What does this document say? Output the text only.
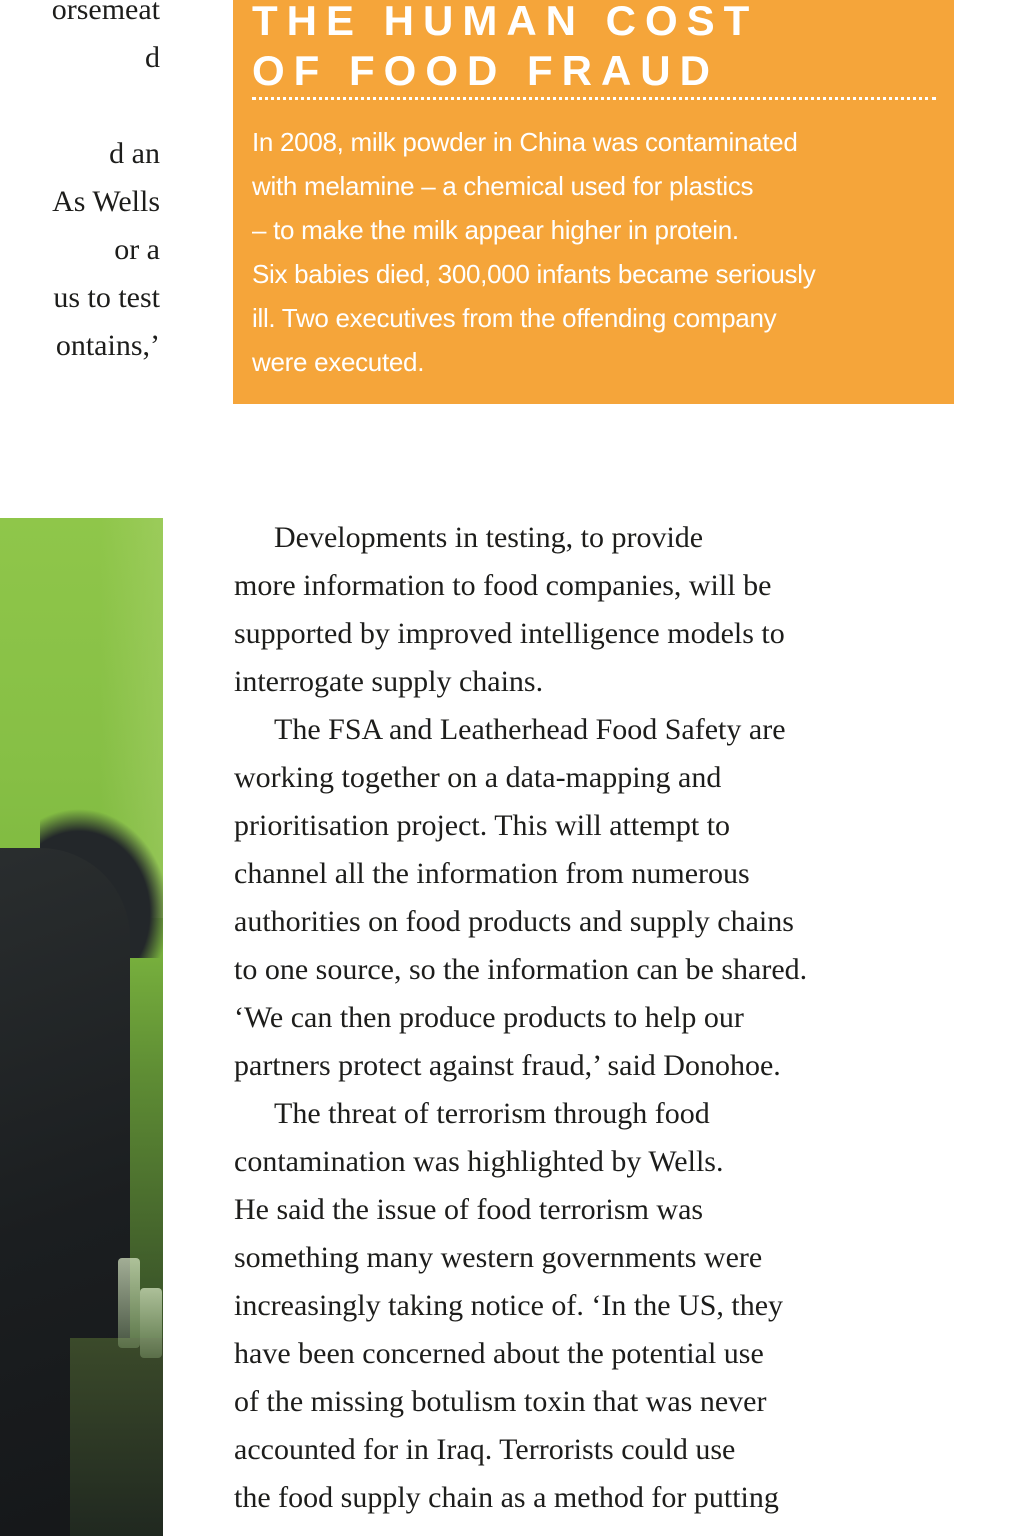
orsemeat
d
d an
As Wells
or a
us to test
ontains,’
THE HUMAN COST
OF FOOD FRAUD
In 2008, milk powder in China was contaminated
with melamine – a chemical used for plastics
– to make the milk appear higher in protein.
Six babies died, 300,000 infants became seriously
ill. Two executives from the offending company
were executed.
Developments in testing, to provide
more information to food companies, will be
supported by improved intelligence models to
interrogate supply chains.
The FSA and Leatherhead Food Safety are
working together on a data-mapping and
prioritisation project. This will attempt to
channel all the information from numerous
authorities on food products and supply chains
to one source, so the information can be shared.
‘We can then produce products to help our
partners protect against fraud,’ said Donohoe.
The threat of terrorism through food
contamination was highlighted by Wells.
He said the issue of food terrorism was
something many western governments were
increasingly taking notice of. ‘In the US, they
have been concerned about the potential use
of the missing botulism toxin that was never
accounted for in Iraq. Terrorists could use
the food supply chain as a method for putting
